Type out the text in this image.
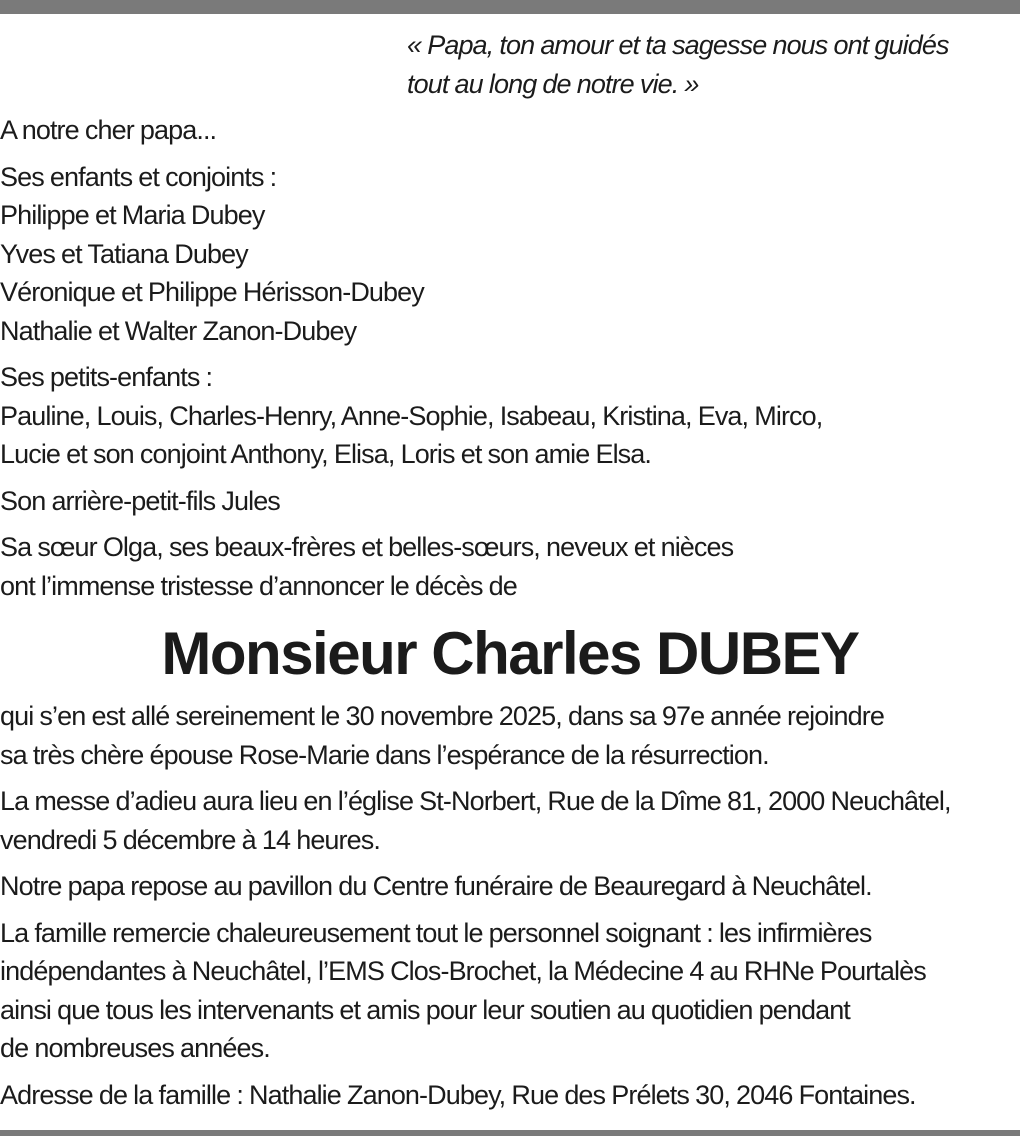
« Papa, ton amour et ta sagesse nous ont guidés

tout au long de notre vie. »

A notre cher papa...

Ses enfants et conjoints :

Philippe et Maria Dubey

Yves et Tatiana Dubey

Véronique et Philippe Hérisson-Dubey

Nathalie et Walter Zanon-Dubey

Ses petits-enfants :

Pauline, Louis, Charles-Henry, Anne-Sophie, Isabeau, Kristina, Eva, Mirco,

Lucie et son conjoint Anthony, Elisa, Loris et son amie Elsa.

Son arrière-petit-fils Jules

Sa sœur Olga, ses beaux-frères et belles-sœurs, neveux et nièces

ont l’immense tristesse d’annoncer le décès de

Monsieur Charles DUBEY

qui s’en est allé sereinement le 30 novembre 2025, dans sa 97e année rejoindre

sa très chère épouse Rose-Marie dans l’espérance de la résurrection.

La messe d’adieu aura lieu en l’église St-Norbert, Rue de la Dîme 81, 2000 Neuchâtel,

vendredi 5 décembre à 14 heures.

Notre papa repose au pavillon du Centre funéraire de Beauregard à Neuchâtel.

La famille remercie chaleureusement tout le personnel soignant : les infirmières

indépendantes à Neuchâtel, l’EMS Clos-Brochet, la Médecine 4 au RHNe Pourtalès

ainsi que tous les intervenants et amis pour leur soutien au quotidien pendant

de nombreuses années.

Adresse de la famille : Nathalie Zanon-Dubey, Rue des Prélets 30, 2046 Fontaines.
